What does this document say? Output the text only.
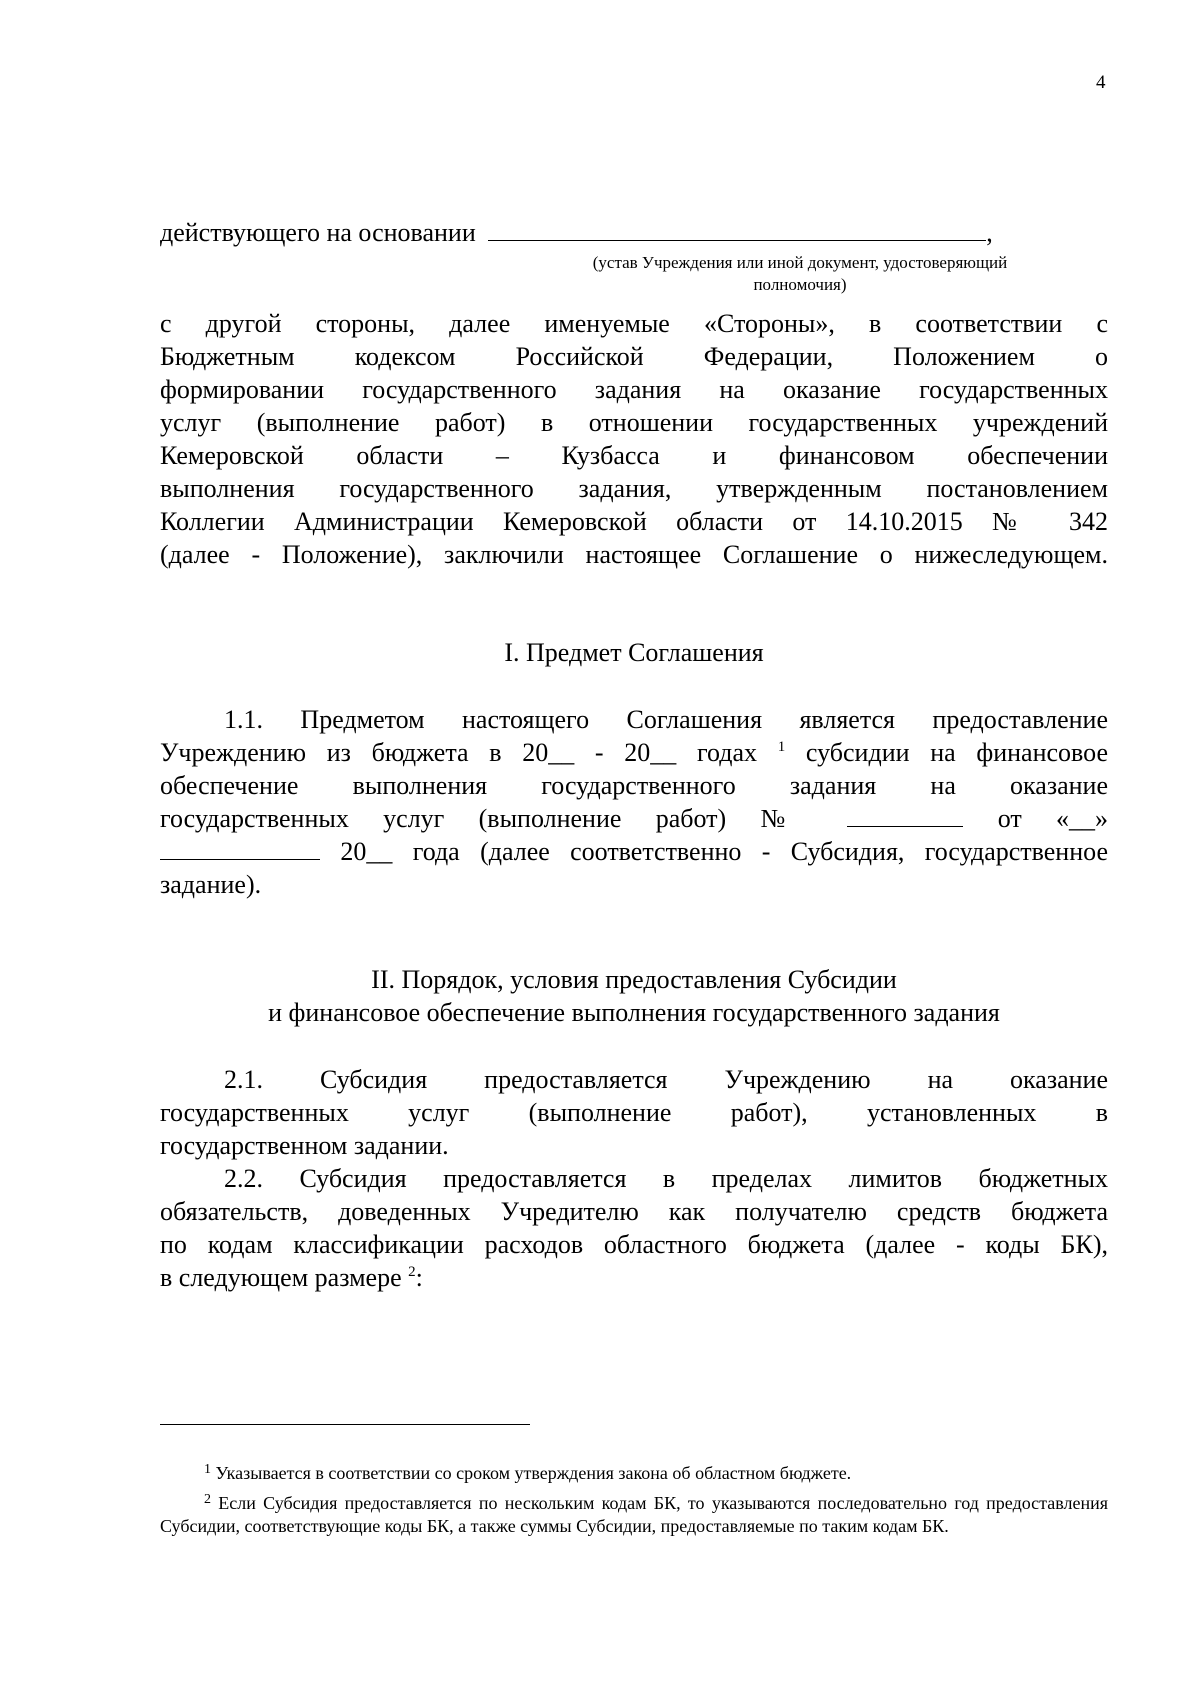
4
действующего на основании	,
(устав Учреждения или иной документ, удостоверяющий
полномочия)

с другой стороны, далее именуемые «Стороны», в соответствии с

Бюджетным кодексом Российской Федерации, Положением о

формировании государственного задания на оказание государственных

услуг (выполнение работ) в отношении государственных учреждений

Кемеровской области – Кузбасса и финансовом обеспечении

выполнения государственного задания, утвержденным постановлением

Коллегии Администрации Кемеровской области от 14.10.2015 № 342

(далее - Положение), заключили настоящее Соглашение о нижеследующем.

I. Предмет Соглашения

1.1. Предметом настоящего Соглашения является предоставление

Учреждению из бюджета в 20__ - 20__ годах $^1$ субсидии на финансовое

обеспечение выполнения государственного задания на оказание

государственных услуг (выполнение работ) №	от «__»

20__ года (далее соответственно - Субсидия, государственное

задание).

II. Порядок, условия предоставления Субсидии
и финансовое обеспечение выполнения государственного задания

2.1. Субсидия предоставляется Учреждению на оказание

государственных услуг (выполнение работ), установленных в

государственном задании.

2.2. Субсидия предоставляется в пределах лимитов бюджетных

обязательств, доведенных Учредителю как получателю средств бюджета

по кодам классификации расходов областного бюджета (далее - коды БК),

в следующем размере $^2$:

$^1$ Указывается в соответствии со сроком утверждения закона об областном бюджете.

$^2$ Если Субсидия предоставляется по нескольким кодам БК, то указываются последовательно год предоставления Субсидии, соответствующие коды БК, а также суммы Субсидии, предоставляемые по таким кодам БК.
